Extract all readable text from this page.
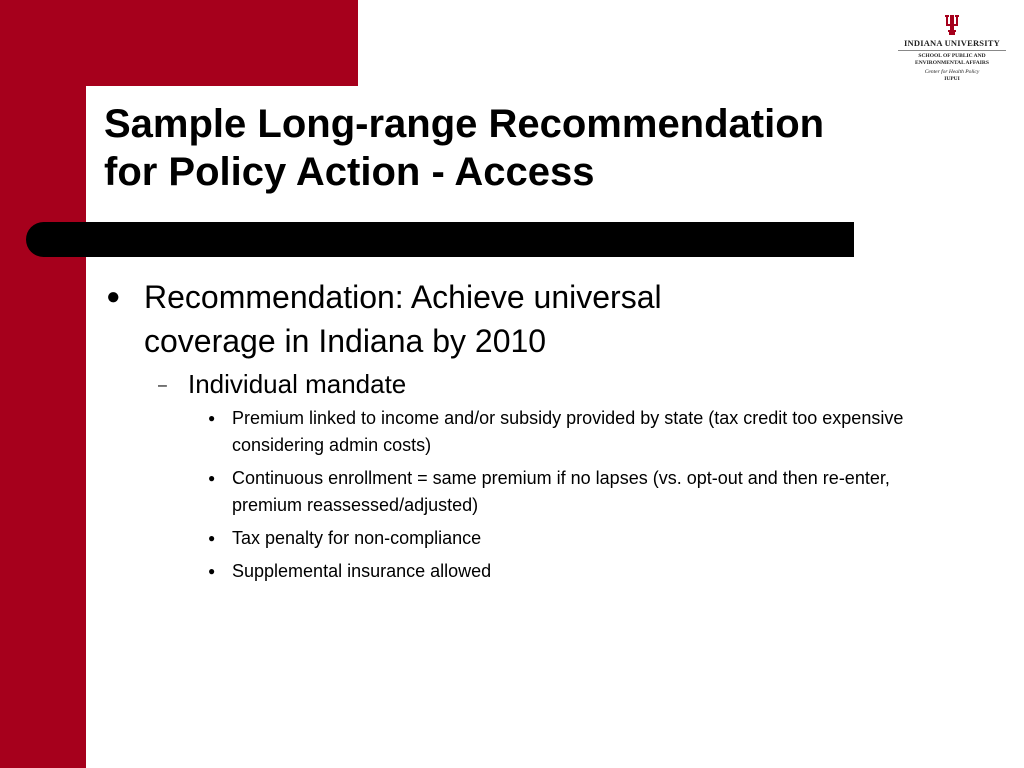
INDIANA UNIVERSITY
SCHOOL OF PUBLIC AND
ENVIRONMENTAL AFFAIRS
Center for Health Policy
IUPUI
Sample Long-range Recommendation
for Policy Action - Access
● Recommendation: Achieve universal
coverage in Indiana by 2010
– Individual mandate
● Premium linked to income and/or subsidy provided by state (tax credit too expensive considering admin costs)
● Continuous enrollment = same premium if no lapses (vs. opt-out and then re-enter, premium reassessed/adjusted)
● Tax penalty for non-compliance
● Supplemental insurance allowed
